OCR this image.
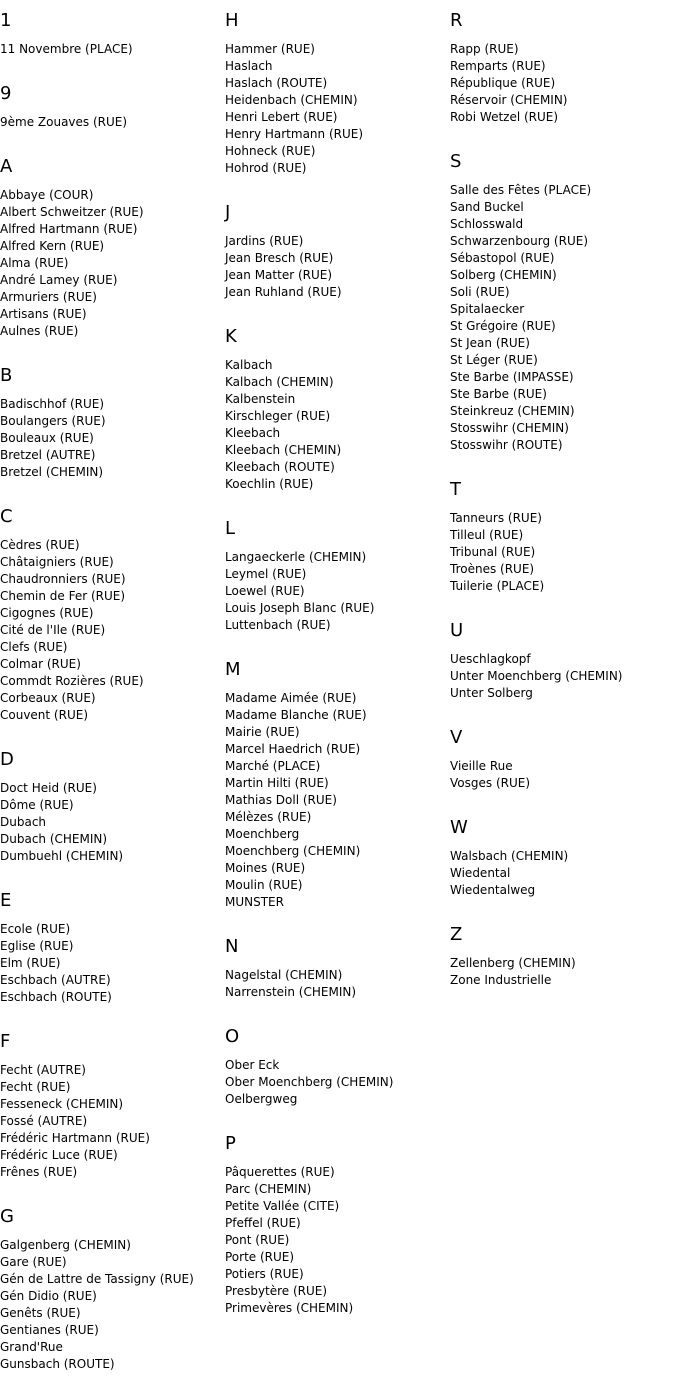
1
11 Novembre (PLACE)
9
9ème Zouaves (RUE)
A
Abbaye (COUR)
Albert Schweitzer (RUE)
Alfred Hartmann (RUE)
Alfred Kern (RUE)
Alma (RUE)
André Lamey (RUE)
Armuriers (RUE)
Artisans (RUE)
Aulnes (RUE)
B
Badischhof (RUE)
Boulangers (RUE)
Bouleaux (RUE)
Bretzel (AUTRE)
Bretzel (CHEMIN)
C
Cèdres (RUE)
Châtaigniers (RUE)
Chaudronniers (RUE)
Chemin de Fer (RUE)
Cigognes (RUE)
Cité de l'Ile (RUE)
Clefs (RUE)
Colmar (RUE)
Commdt Rozières (RUE)
Corbeaux (RUE)
Couvent (RUE)
D
Doct Heid (RUE)
Dôme (RUE)
Dubach
Dubach (CHEMIN)
Dumbuehl (CHEMIN)
E
Ecole (RUE)
Eglise (RUE)
Elm (RUE)
Eschbach (AUTRE)
Eschbach (ROUTE)
F
Fecht (AUTRE)
Fecht (RUE)
Fesseneck (CHEMIN)
Fossé (AUTRE)
Frédéric Hartmann (RUE)
Frédéric Luce (RUE)
Frênes (RUE)
G
Galgenberg (CHEMIN)
Gare (RUE)
Gén de Lattre de Tassigny (RUE)
Gén Didio (RUE)
Genêts (RUE)
Gentianes (RUE)
Grand'Rue
Gunsbach (ROUTE)
H
Hammer (RUE)
Haslach
Haslach (ROUTE)
Heidenbach (CHEMIN)
Henri Lebert (RUE)
Henry Hartmann (RUE)
Hohneck (RUE)
Hohrod (RUE)
J
Jardins (RUE)
Jean Bresch (RUE)
Jean Matter (RUE)
Jean Ruhland (RUE)
K
Kalbach
Kalbach (CHEMIN)
Kalbenstein
Kirschleger (RUE)
Kleebach
Kleebach (CHEMIN)
Kleebach (ROUTE)
Koechlin (RUE)
L
Langaeckerle (CHEMIN)
Leymel (RUE)
Loewel (RUE)
Louis Joseph Blanc (RUE)
Luttenbach (RUE)
M
Madame Aimée (RUE)
Madame Blanche (RUE)
Mairie (RUE)
Marcel Haedrich (RUE)
Marché (PLACE)
Martin Hilti (RUE)
Mathias Doll (RUE)
Mélèzes (RUE)
Moenchberg
Moenchberg (CHEMIN)
Moines (RUE)
Moulin (RUE)
MUNSTER
N
Nagelstal (CHEMIN)
Narrenstein (CHEMIN)
O
Ober Eck
Ober Moenchberg (CHEMIN)
Oelbergweg
P
Pâquerettes (RUE)
Parc (CHEMIN)
Petite Vallée (CITE)
Pfeffel (RUE)
Pont (RUE)
Porte (RUE)
Potiers (RUE)
Presbytère (RUE)
Primevères (CHEMIN)
R
Rapp (RUE)
Remparts (RUE)
République (RUE)
Réservoir (CHEMIN)
Robi Wetzel (RUE)
S
Salle des Fêtes (PLACE)
Sand Buckel
Schlosswald
Schwarzenbourg (RUE)
Sébastopol (RUE)
Solberg (CHEMIN)
Soli (RUE)
Spitalaecker
St Grégoire (RUE)
St Jean (RUE)
St Léger (RUE)
Ste Barbe (IMPASSE)
Ste Barbe (RUE)
Steinkreuz (CHEMIN)
Stosswihr (CHEMIN)
Stosswihr (ROUTE)
T
Tanneurs (RUE)
Tilleul (RUE)
Tribunal (RUE)
Troènes (RUE)
Tuilerie (PLACE)
U
Ueschlagkopf
Unter Moenchberg (CHEMIN)
Unter Solberg
V
Vieille Rue
Vosges (RUE)
W
Walsbach (CHEMIN)
Wiedental
Wiedentalweg
Z
Zellenberg (CHEMIN)
Zone Industrielle
